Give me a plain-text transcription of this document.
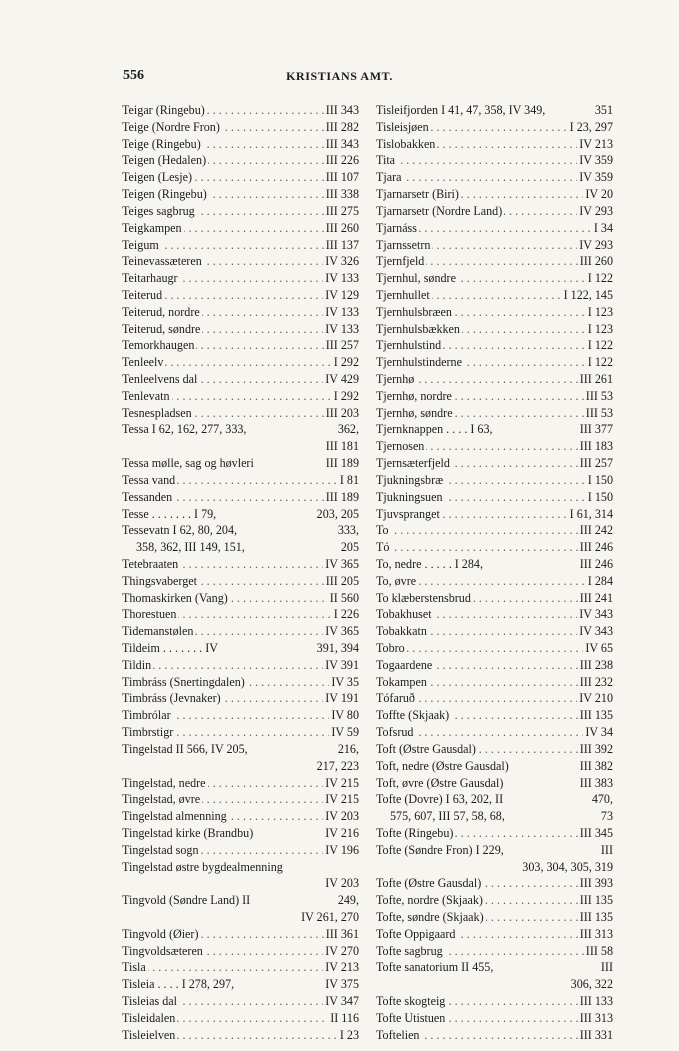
556	KRISTIANS AMT.
. . . Teigar (Ringebu)	III 343
. . . Teige (Nordre Fron)	III 282
. . . Teige (Ringebu)	III 343
. . . Teigen (Hedalen)	III 226
. . . Teigen (Lesje)	III 107
. . . Teigen (Ringebu)	III 338
. . . Teiges sagbrug	III 275
. . . Teigkampen	III 260
. . . Teigum	III 137
. . . Teinevassæteren	IV 326
. . . Teitarhaugr	IV 133
. . . Teiterud	IV 129
. . . Teiterud, nordre	IV 133
. . . Teiterud, søndre	IV 133
. . . Temorkhaugen	III 257
. . . Tenleelv	I 292
. . . Tenleelvens dal	IV 429
. . . Tenlevatn	I 292
. . . Tesnespladsen	III 203
Tessa I 62, 162, 277, 333,	362,
III 181
Tessa mølle, sag og høvleri	III 189
. . . Tessa vand	I 81
. . . Tessanden	III 189
Tesse . . . . . . . I 79,	203, 205
Tessevatn I 62, 80, 204,	333,
358, 362, III 149, 151,	205
. . . Tetebraaten	IV 365
. . . Thingsvaberget	III 205
. . . Thomaskirken (Vang)	II 560
. . . Thorestuen	I 226
. . . Tidemanstølen	IV 365
Tildeim . . . . . . . IV	391, 394
. . . Tildin	IV 391
. . . Timbráss (Snertingdalen)	IV 35
. . . Timbráss (Jevnaker)	IV 191
. . . Timbrólar	IV 80
. . . Timbrstigr	IV 59
Tingelstad II 566, IV 205,	216,
217, 223
. . . Tingelstad, nedre	IV 215
. . . Tingelstad, øvre	IV 215
. . . Tingelstad almenning	IV 203
Tingelstad kirke (Brandbu)	IV 216
. . . Tingelstad sogn	IV 196
Tingelstad østre bygdealmenning
IV 203
Tingvold (Søndre Land) II	249,
IV 261, 270
. . . Tingvold (Øier)	III 361
. . . Tingvoldsæteren	IV 270
. . . Tisla	IV 213
Tisleia . . . . I 278, 297,	IV 375
. . . Tisleias dal	IV 347
. . . Tisleidalen	II 116
. . . Tisleielven	I 23
Tisleifjorden I 41, 47, 358, IV 349,	351
. . . Tisleisjøen	I 23, 297
. . . Tislobakken	IV 213
. . . Tita	IV 359
. . . Tjara	IV 359
. . . Tjarnarsetr (Biri)	IV 20
. . . Tjarnarsetr (Nordre Land)	IV 293
. . . Tjarnáss	I 34
. . . Tjarnssetrn	IV 293
. . . Tjernfjeld	III 260
. . . Tjernhul, søndre	I 122
. . . Tjernhullet	I 122, 145
. . . Tjernhulsbræen	I 123
. . . Tjernhulsbækken	I 123
. . . Tjernhulstind	I 122
. . . Tjernhulstinderne	I 122
. . . Tjernhø	III 261
. . . Tjernhø, nordre	III 53
. . . Tjernhø, søndre	III 53
Tjernknappen . . . . I 63,	III 377
. . . Tjernosen	III 183
. . . Tjernsæterfjeld	III 257
. . . Tjukningsbræ	I 150
. . . Tjukningsuen	I 150
. . . Tjuvspranget	I 61, 314
. . . To	III 242
. . . Tó	III 246
To, nedre . . . . . I 284,	III 246
. . . To, øvre	I 284
. . . To klæberstensbrud	III 241
. . . Tobakhuset	IV 343
. . . Tobakkatn	IV 343
. . . Tobro	IV 65
. . . Togaardene	III 238
. . . Tokampen	III 232
. . . Tófaruð	IV 210
. . . Toffte (Skjaak)	III 135
. . . Tofsrud	IV 34
. . . Toft (Østre Gausdal)	III 392
Toft, nedre (Østre Gausdal)	III 382
Toft, øvre (Østre Gausdal)	III 383
Tofte (Dovre) I 63, 202, II	470,
575, 607, III 57, 58, 68,	73
. . . Tofte (Ringebu)	III 345
Tofte (Søndre Fron) I 229,	III
303, 304, 305, 319
. . . Tofte (Østre Gausdal)	III 393
. . . Tofte, nordre (Skjaak)	III 135
. . . Tofte, søndre (Skjaak)	III 135
. . . Tofte Oppigaard	III 313
. . . Tofte sagbrug	III 58
Tofte sanatorium II 455,	III
306, 322
. . . Tofte skogteig	III 133
. . . Tofte Utistuen	III 313
. . . Toftelien	III 331
